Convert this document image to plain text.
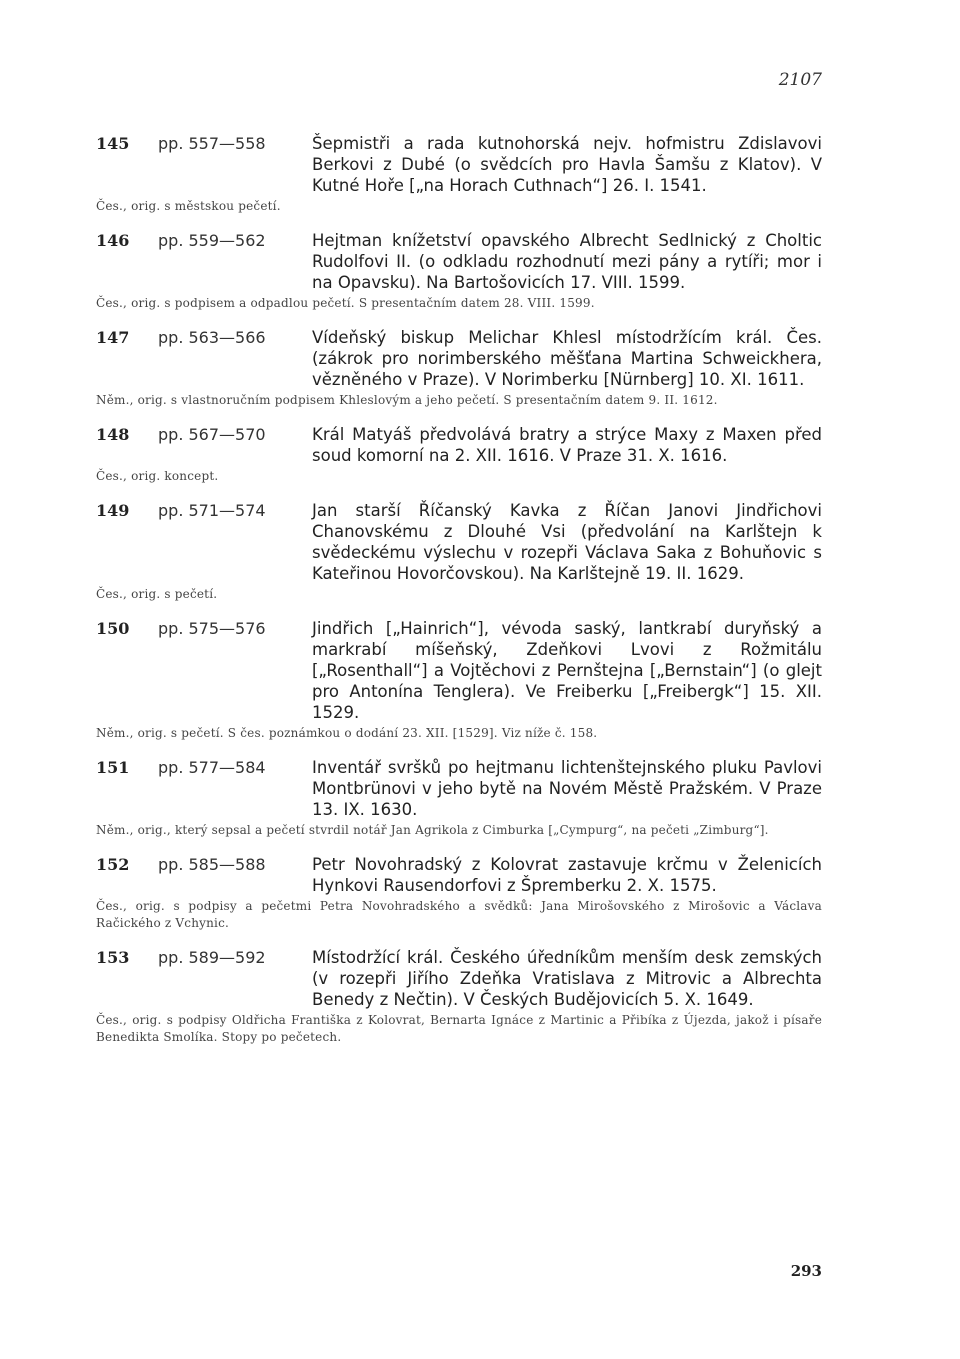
2107
145	pp. 557—558	Šepmistři a rada kutnohorská nejv. hofmistru Zdislavovi Berkovi z Dubé (o svědcích pro Havla Šamšu z Klatov). V Kutné Hoře [„na Horach Cuthnach“] 26. I. 1541.
Čes., orig. s městskou pečetí.
146	pp. 559—562	Hejtman knížetství opavského Albrecht Sedlnický z Choltic Rudolfovi II. (o odkladu rozhodnutí mezi pány a rytíři; mor i na Opavsku). Na Bartošovicích 17. VIII. 1599.
Čes., orig. s podpisem a odpadlou pečetí. S presentačním datem 28. VIII. 1599.
147	pp. 563—566	Vídeňský biskup Melichar Khlesl místodržícím král. Čes. (zákrok pro norimberského měšťana Martina Schweickhera, vězněného v Praze). V Norimberku [Nürnberg] 10. XI. 1611.
Něm., orig. s vlastnoručním podpisem Khleslovým a jeho pečetí. S presentačním datem 9. II. 1612.
148	pp. 567—570	Král Matyáš předvolává bratry a strýce Maxy z Maxen před soud komorní na 2. XII. 1616. V Praze 31. X. 1616.
Čes., orig. koncept.
149	pp. 571—574	Jan starší Říčanský Kavka z Říčan Janovi Jindřichovi Chanovskému z Dlouhé Vsi (předvolání na Karlštejn k svědeckému výslechu v rozepři Václava Saka z Bohuňovic s Kateřinou Hovorčovskou). Na Karlštejně 19. II. 1629.
Čes., orig. s pečetí.
150	pp. 575—576	Jindřich [„Hainrich“], vévoda saský, lantkrabí duryňský a markrabí míšeňský, Zdeňkovi Lvovi z Rožmitálu [„Rosenthall“] a Vojtěchovi z Pernštejna [„Bernstain“] (o glejt pro Antonína Tenglera). Ve Freiberku [„Freibergk“] 15. XII. 1529.
Něm., orig. s pečetí. S čes. poznámkou o dodání 23. XII. [1529]. Viz níže č. 158.
151	pp. 577—584	Inventář svršků po hejtmanu lichtenštejnského pluku Pavlovi Montbrünovi v jeho bytě na Novém Městě Pražském. V Praze 13. IX. 1630.
Něm., orig., který sepsal a pečetí stvrdil notář Jan Agrikola z Cimburka [„Cympurg“, na pečeti „Zimburg“].
152	pp. 585—588	Petr Novohradský z Kolovrat zastavuje krčmu v Želenicích Hynkovi Rausendorfovi z Špremberku 2. X. 1575.
Čes., orig. s podpisy a pečetmi Petra Novohradského a svědků: Jana Mirošovského z Mirošovic a Václava Račického z Vchynic.
153	pp. 589—592	Místodržící král. Českého úředníkům menším desk zemských (v rozepři Jiřího Zdeňka Vratislava z Mitrovic a Albrechta Benedy z Nečtin). V Českých Budějovicích 5. X. 1649.
Čes., orig. s podpisy Oldřicha Františka z Kolovrat, Bernarta Ignáce z Martinic a Přibíka z Újezda, jakož i písaře Benedikta Smolíka. Stopy po pečetech.
293
